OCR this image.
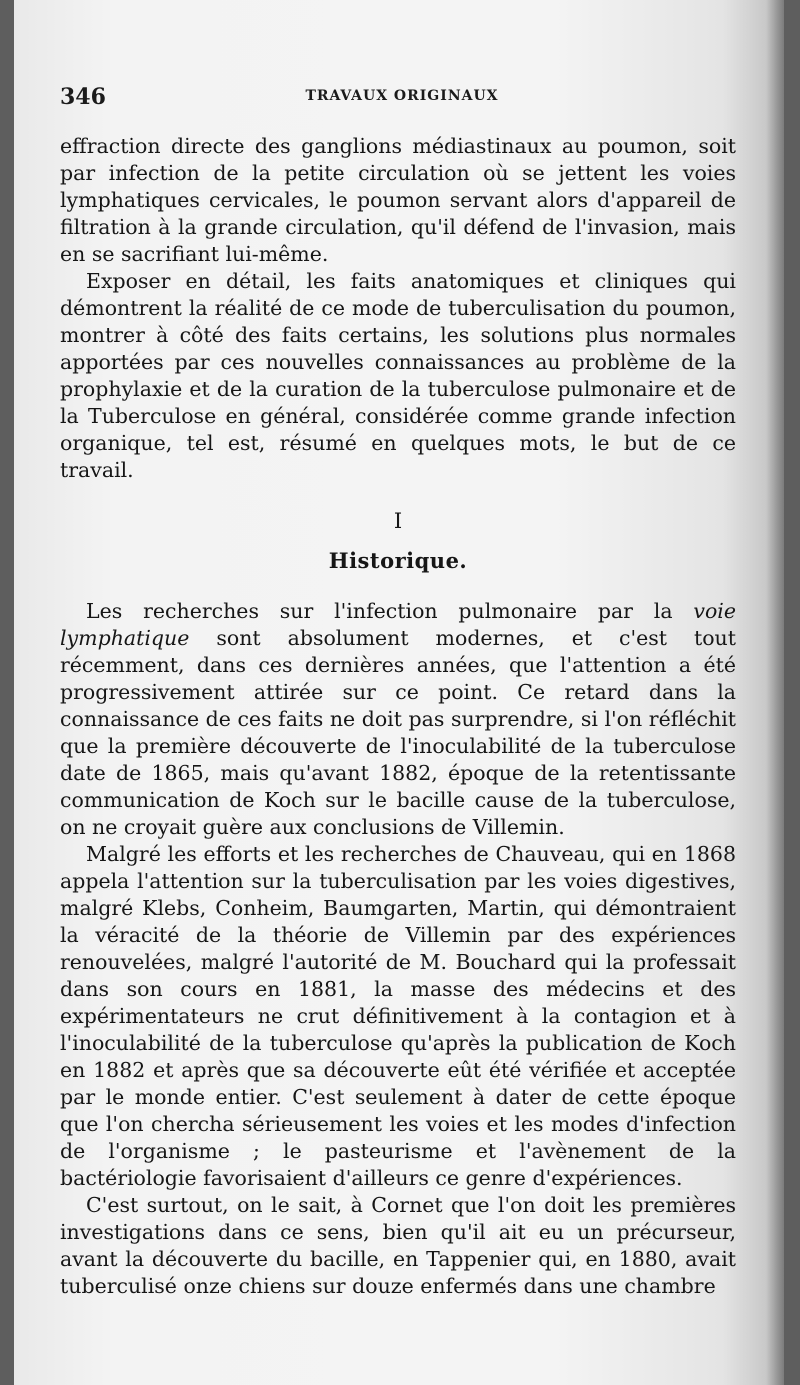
346	TRAVAUX ORIGINAUX

effraction directe des ganglions médiastinaux au poumon, soit par infection de la petite circulation où se jettent les voies lymphatiques cervicales, le poumon servant alors d'appareil de filtration à la grande circulation, qu'il défend de l'invasion, mais en se sacrifiant lui-même.

Exposer en détail, les faits anatomiques et cliniques qui démontrent la réalité de ce mode de tuberculisation du poumon, montrer à côté des faits certains, les solutions plus normales apportées par ces nouvelles connaissances au problème de la prophylaxie et de la curation de la tuberculose pulmonaire et de la Tuberculose en général, considérée comme grande infection organique, tel est, résumé en quelques mots, le but de ce travail.

I
Historique.

Les recherches sur l'infection pulmonaire par la voie lymphatique sont absolument modernes, et c'est tout récemment, dans ces dernières années, que l'attention a été progressivement attirée sur ce point. Ce retard dans la connaissance de ces faits ne doit pas surprendre, si l'on réfléchit que la première découverte de l'inoculabilité de la tuberculose date de 1865, mais qu'avant 1882, époque de la retentissante communication de Koch sur le bacille cause de la tuberculose, on ne croyait guère aux conclusions de Villemin.

Malgré les efforts et les recherches de Chauveau, qui en 1868 appela l'attention sur la tuberculisation par les voies digestives, malgré Klebs, Conheim, Baumgarten, Martin, qui démontraient la véracité de la théorie de Villemin par des expériences renouvelées, malgré l'autorité de M. Bouchard qui la professait dans son cours en 1881, la masse des médecins et des expérimentateurs ne crut définitivement à la contagion et à l'inoculabilité de la tuberculose qu'après la publication de Koch en 1882 et après que sa découverte eût été vérifiée et acceptée par le monde entier. C'est seulement à dater de cette époque que l'on chercha sérieusement les voies et les modes d'infection de l'organisme ; le pasteurisme et l'avènement de la bactériologie favorisaient d'ailleurs ce genre d'expériences.

C'est surtout, on le sait, à Cornet que l'on doit les premières investigations dans ce sens, bien qu'il ait eu un précurseur, avant la découverte du bacille, en Tappenier qui, en 1880, avait tuberculisé onze chiens sur douze enfermés dans une chambre
